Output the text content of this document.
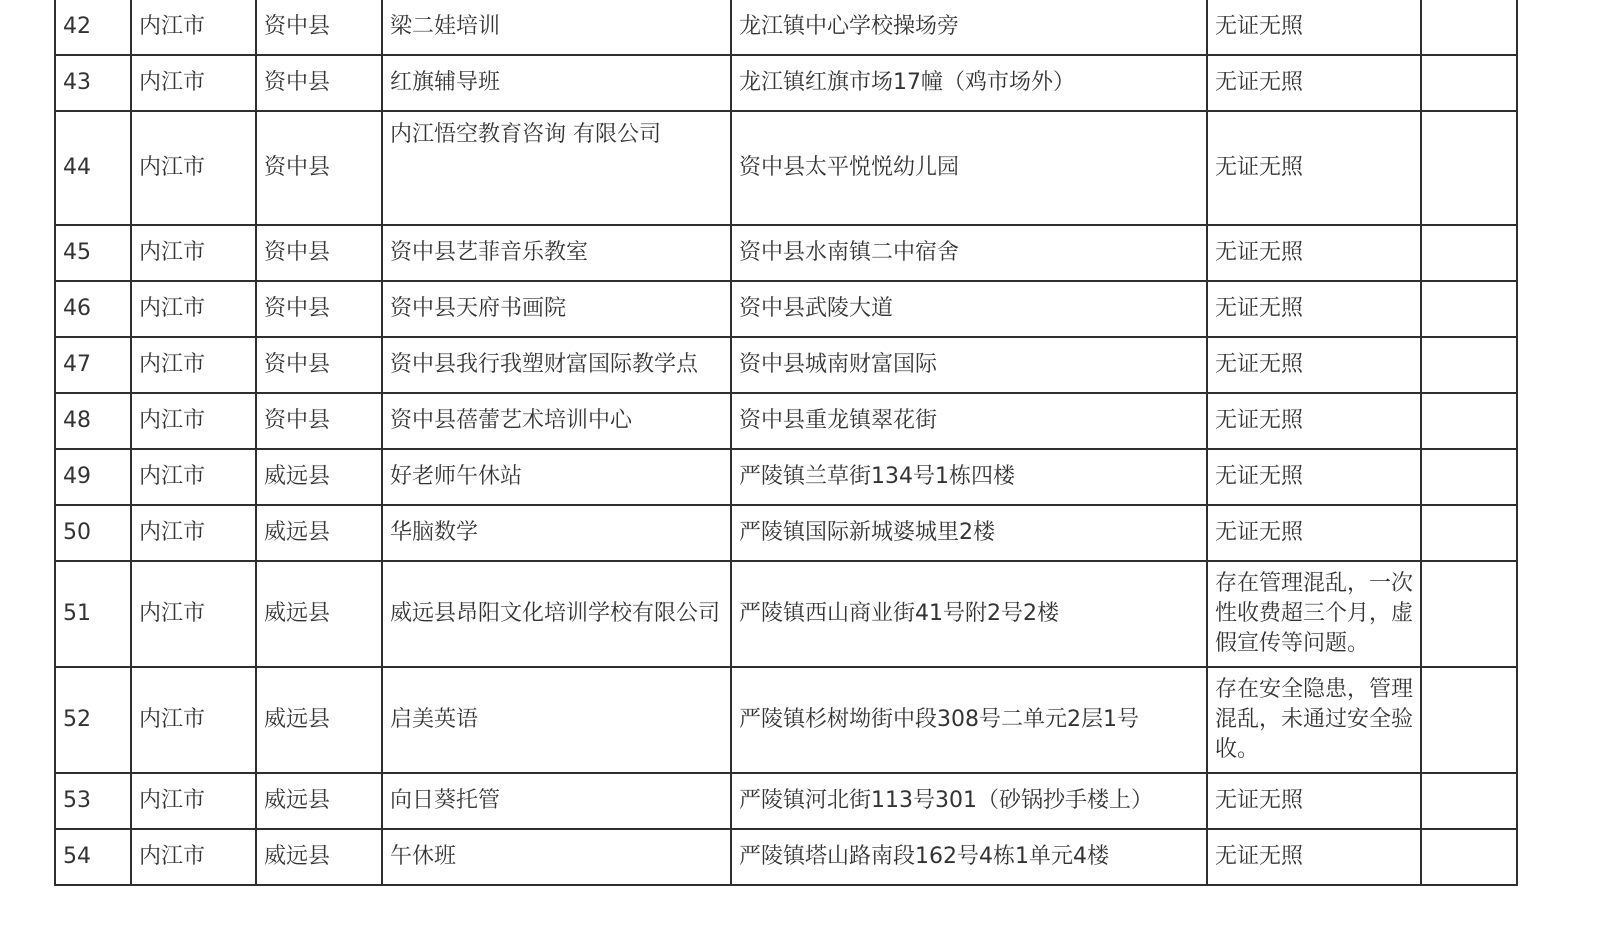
42	内江市	资中县	梁二娃培训	龙江镇中心学校操场旁	无证无照	
43	内江市	资中县	红旗辅导班	龙江镇红旗市场17幢（鸡市场外）	无证无照	
44	内江市	资中县	内江悟空教育咨询 有限公司	资中县太平悦悦幼儿园	无证无照	
45	内江市	资中县	资中县艺菲音乐教室	资中县水南镇二中宿舍	无证无照	
46	内江市	资中县	资中县天府书画院	资中县武陵大道	无证无照	
47	内江市	资中县	资中县我行我塑财富国际教学点	资中县城南财富国际	无证无照	
48	内江市	资中县	资中县蓓蕾艺术培训中心	资中县重龙镇翠花街	无证无照	
49	内江市	威远县	好老师午休站	严陵镇兰草街134号1栋四楼	无证无照	
50	内江市	威远县	华脑数学	严陵镇国际新城婆城里2楼	无证无照	
51	内江市	威远县	威远县昂阳文化培训学校有限公司	严陵镇西山商业街41号附2号2楼	存在管理混乱，一次性收费超三个月，虚假宣传等问题。	
52	内江市	威远县	启美英语	严陵镇杉树坳街中段308号二单元2层1号	存在安全隐患，管理混乱，未通过安全验收。	
53	内江市	威远县	向日葵托管	严陵镇河北街113号301（砂锅抄手楼上）	无证无照	
54	内江市	威远县	午休班	严陵镇塔山路南段162号4栋1单元4楼	无证无照	
